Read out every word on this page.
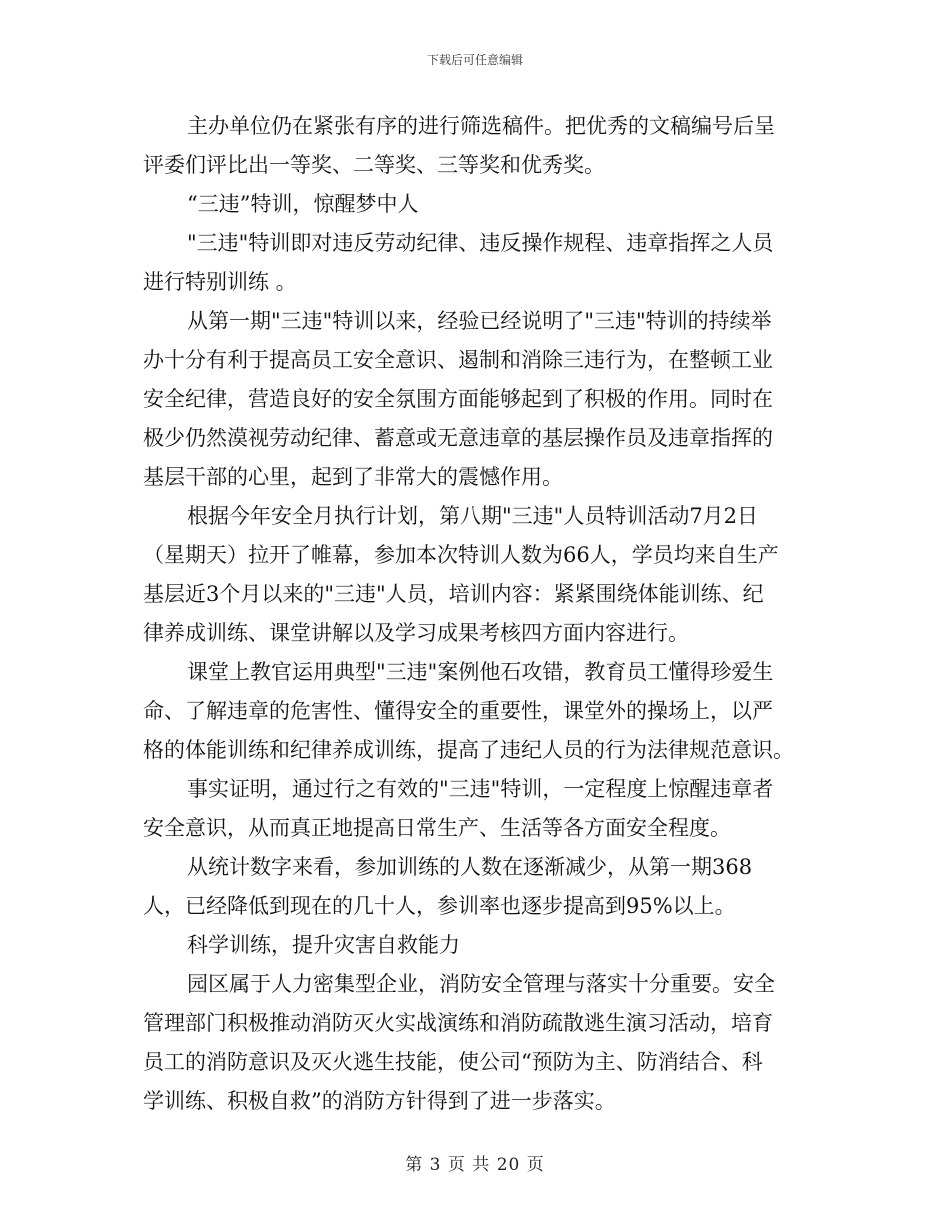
下载后可任意编辑
主办单位仍在紧张有序的进行筛选稿件。把优秀的文稿编号后呈
评委们评比出一等奖、二等奖、三等奖和优秀奖。
“三违”特训，惊醒梦中人
"三违"特训即对违反劳动纪律、违反操作规程、违章指挥之人员
进行特别训练 。
从第一期"三违"特训以来，经验已经说明了"三违"特训的持续举
办十分有利于提高员工安全意识、遏制和消除三违行为，在整顿工业
安全纪律，营造良好的安全氛围方面能够起到了积极的作用。同时在
极少仍然漠视劳动纪律、蓄意或无意违章的基层操作员及违章指挥的
基层干部的心里，起到了非常大的震憾作用。
根据今年安全月执行计划，第八期"三违"人员特训活动7月2日
（星期天）拉开了帷幕，参加本次特训人数为66人，学员均来自生产
基层近3个月以来的"三违"人员，培训内容：紧紧围绕体能训练、纪
律养成训练、课堂讲解以及学习成果考核四方面内容进行。
课堂上教官运用典型"三违"案例他石攻错，教育员工懂得珍爱生
命、了解违章的危害性、懂得安全的重要性，课堂外的操场上，以严
格的体能训练和纪律养成训练，提高了违纪人员的行为法律规范意识。
事实证明，通过行之有效的"三违"特训，一定程度上惊醒违章者
安全意识，从而真正地提高日常生产、生活等各方面安全程度。
从统计数字来看，参加训练的人数在逐渐减少，从第一期368
人，已经降低到现在的几十人，参训率也逐步提高到95%以上。
科学训练，提升灾害自救能力
园区属于人力密集型企业，消防安全管理与落实十分重要。安全
管理部门积极推动消防灭火实战演练和消防疏散逃生演习活动，培育
员工的消防意识及灭火逃生技能，使公司“预防为主、防消结合、科
学训练、积极自救”的消防方针得到了进一步落实。
第 3 页 共 20 页
